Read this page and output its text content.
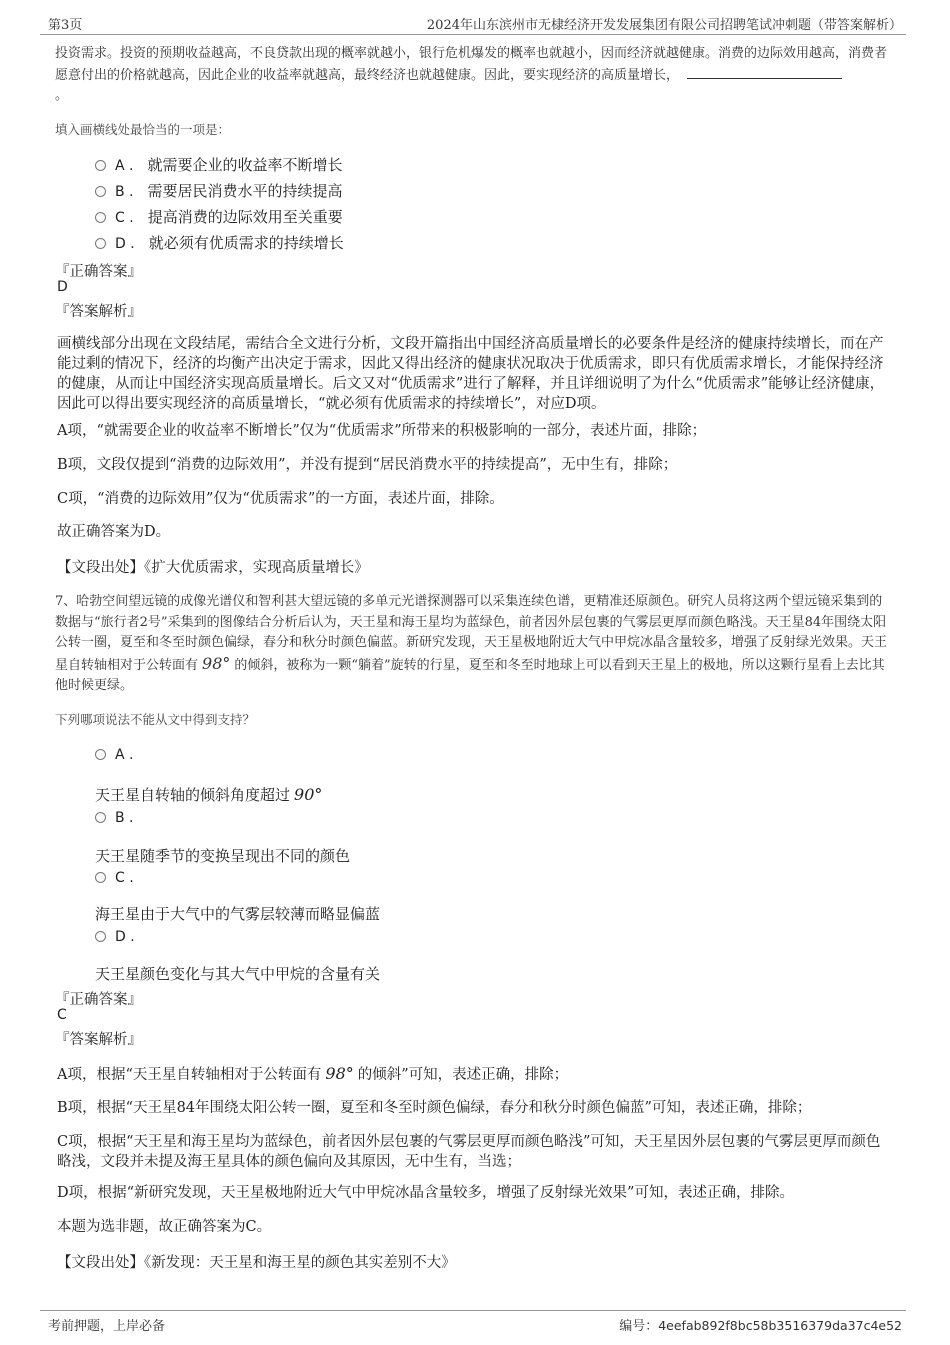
第3页	2024年山东滨州市无棣经济开发发展集团有限公司招聘笔试冲刺题（带答案解析）

投资需求。投资的预期收益越高，不良贷款出现的概率就越小，银行危机爆发的概率也就越小，因而经济就越健康。消费的边际效用越高，消费者愿意付出的价格就越高，因此企业的收益率就越高，最终经济也就越健康。因此，要实现经济的高质量增长，
。

填入画横线处最恰当的一项是：
A . 就需要企业的收益率不断增长
B . 需要居民消费水平的持续提高
C . 提高消费的边际效用至关重要
D . 就必须有优质需求的持续增长
『正确答案』
D
『答案解析』

画横线部分出现在文段结尾，需结合全文进行分析，文段开篇指出中国经济高质量增长的必要条件是经济的健康持续增长，而在产能过剩的情况下，经济的均衡产出决定于需求，因此又得出经济的健康状况取决于优质需求，即只有优质需求增长，才能保持经济的健康，从而让中国经济实现高质量增长。后文又对“优质需求”进行了解释，并且详细说明了为什么“优质需求”能够让经济健康，因此可以得出要实现经济的高质量增长，“就必须有优质需求的持续增长”，对应D项。

A项，“就需要企业的收益率不断增长”仅为“优质需求”所带来的积极影响的一部分，表述片面，排除；

B项，文段仅提到“消费的边际效用”，并没有提到“居民消费水平的持续提高”，无中生有，排除；

C项，“消费的边际效用”仅为“优质需求”的一方面，表述片面，排除。

故正确答案为D。

【文段出处】《扩大优质需求，实现高质量增长》

7、哈勃空间望远镜的成像光谱仪和智利甚大望远镜的多单元光谱探测器可以采集连续色谱，更精准还原颜色。研究人员将这两个望远镜采集到的数据与“旅行者2号”采集到的图像结合分析后认为，天王星和海王星均为蓝绿色，前者因外层包裹的气雾层更厚而颜色略浅。天王星84年围绕太阳公转一圈，夏至和冬至时颜色偏绿，春分和秋分时颜色偏蓝。新研究发现，天王星极地附近大气中甲烷冰晶含量较多，增强了反射绿光效果。天王星自转轴相对于公转面有 98° 的倾斜，被称为一颗“躺着”旋转的行星，夏至和冬至时地球上可以看到天王星上的极地，所以这颗行星看上去比其他时候更绿。

下列哪项说法不能从文中得到支持？
A .
天王星自转轴的倾斜角度超过 90°
B .
天王星随季节的变换呈现出不同的颜色
C .
海王星由于大气中的气雾层较薄而略显偏蓝
D .
天王星颜色变化与其大气中甲烷的含量有关
『正确答案』
C
『答案解析』

A项，根据“天王星自转轴相对于公转面有 98° 的倾斜”可知，表述正确，排除；

B项，根据“天王星84年围绕太阳公转一圈，夏至和冬至时颜色偏绿，春分和秋分时颜色偏蓝”可知，表述正确，排除；

C项，根据“天王星和海王星均为蓝绿色，前者因外层包裹的气雾层更厚而颜色略浅”可知，天王星因外层包裹的气雾层更厚而颜色略浅，文段并未提及海王星具体的颜色偏向及其原因，无中生有，当选；

D项，根据“新研究发现，天王星极地附近大气中甲烷冰晶含量较多，增强了反射绿光效果”可知，表述正确，排除。

本题为选非题，故正确答案为C。

【文段出处】《新发现：天王星和海王星的颜色其实差别不大》
考前押题，上岸必备	编号：4eefab892f8bc58b3516379da37c4e52
